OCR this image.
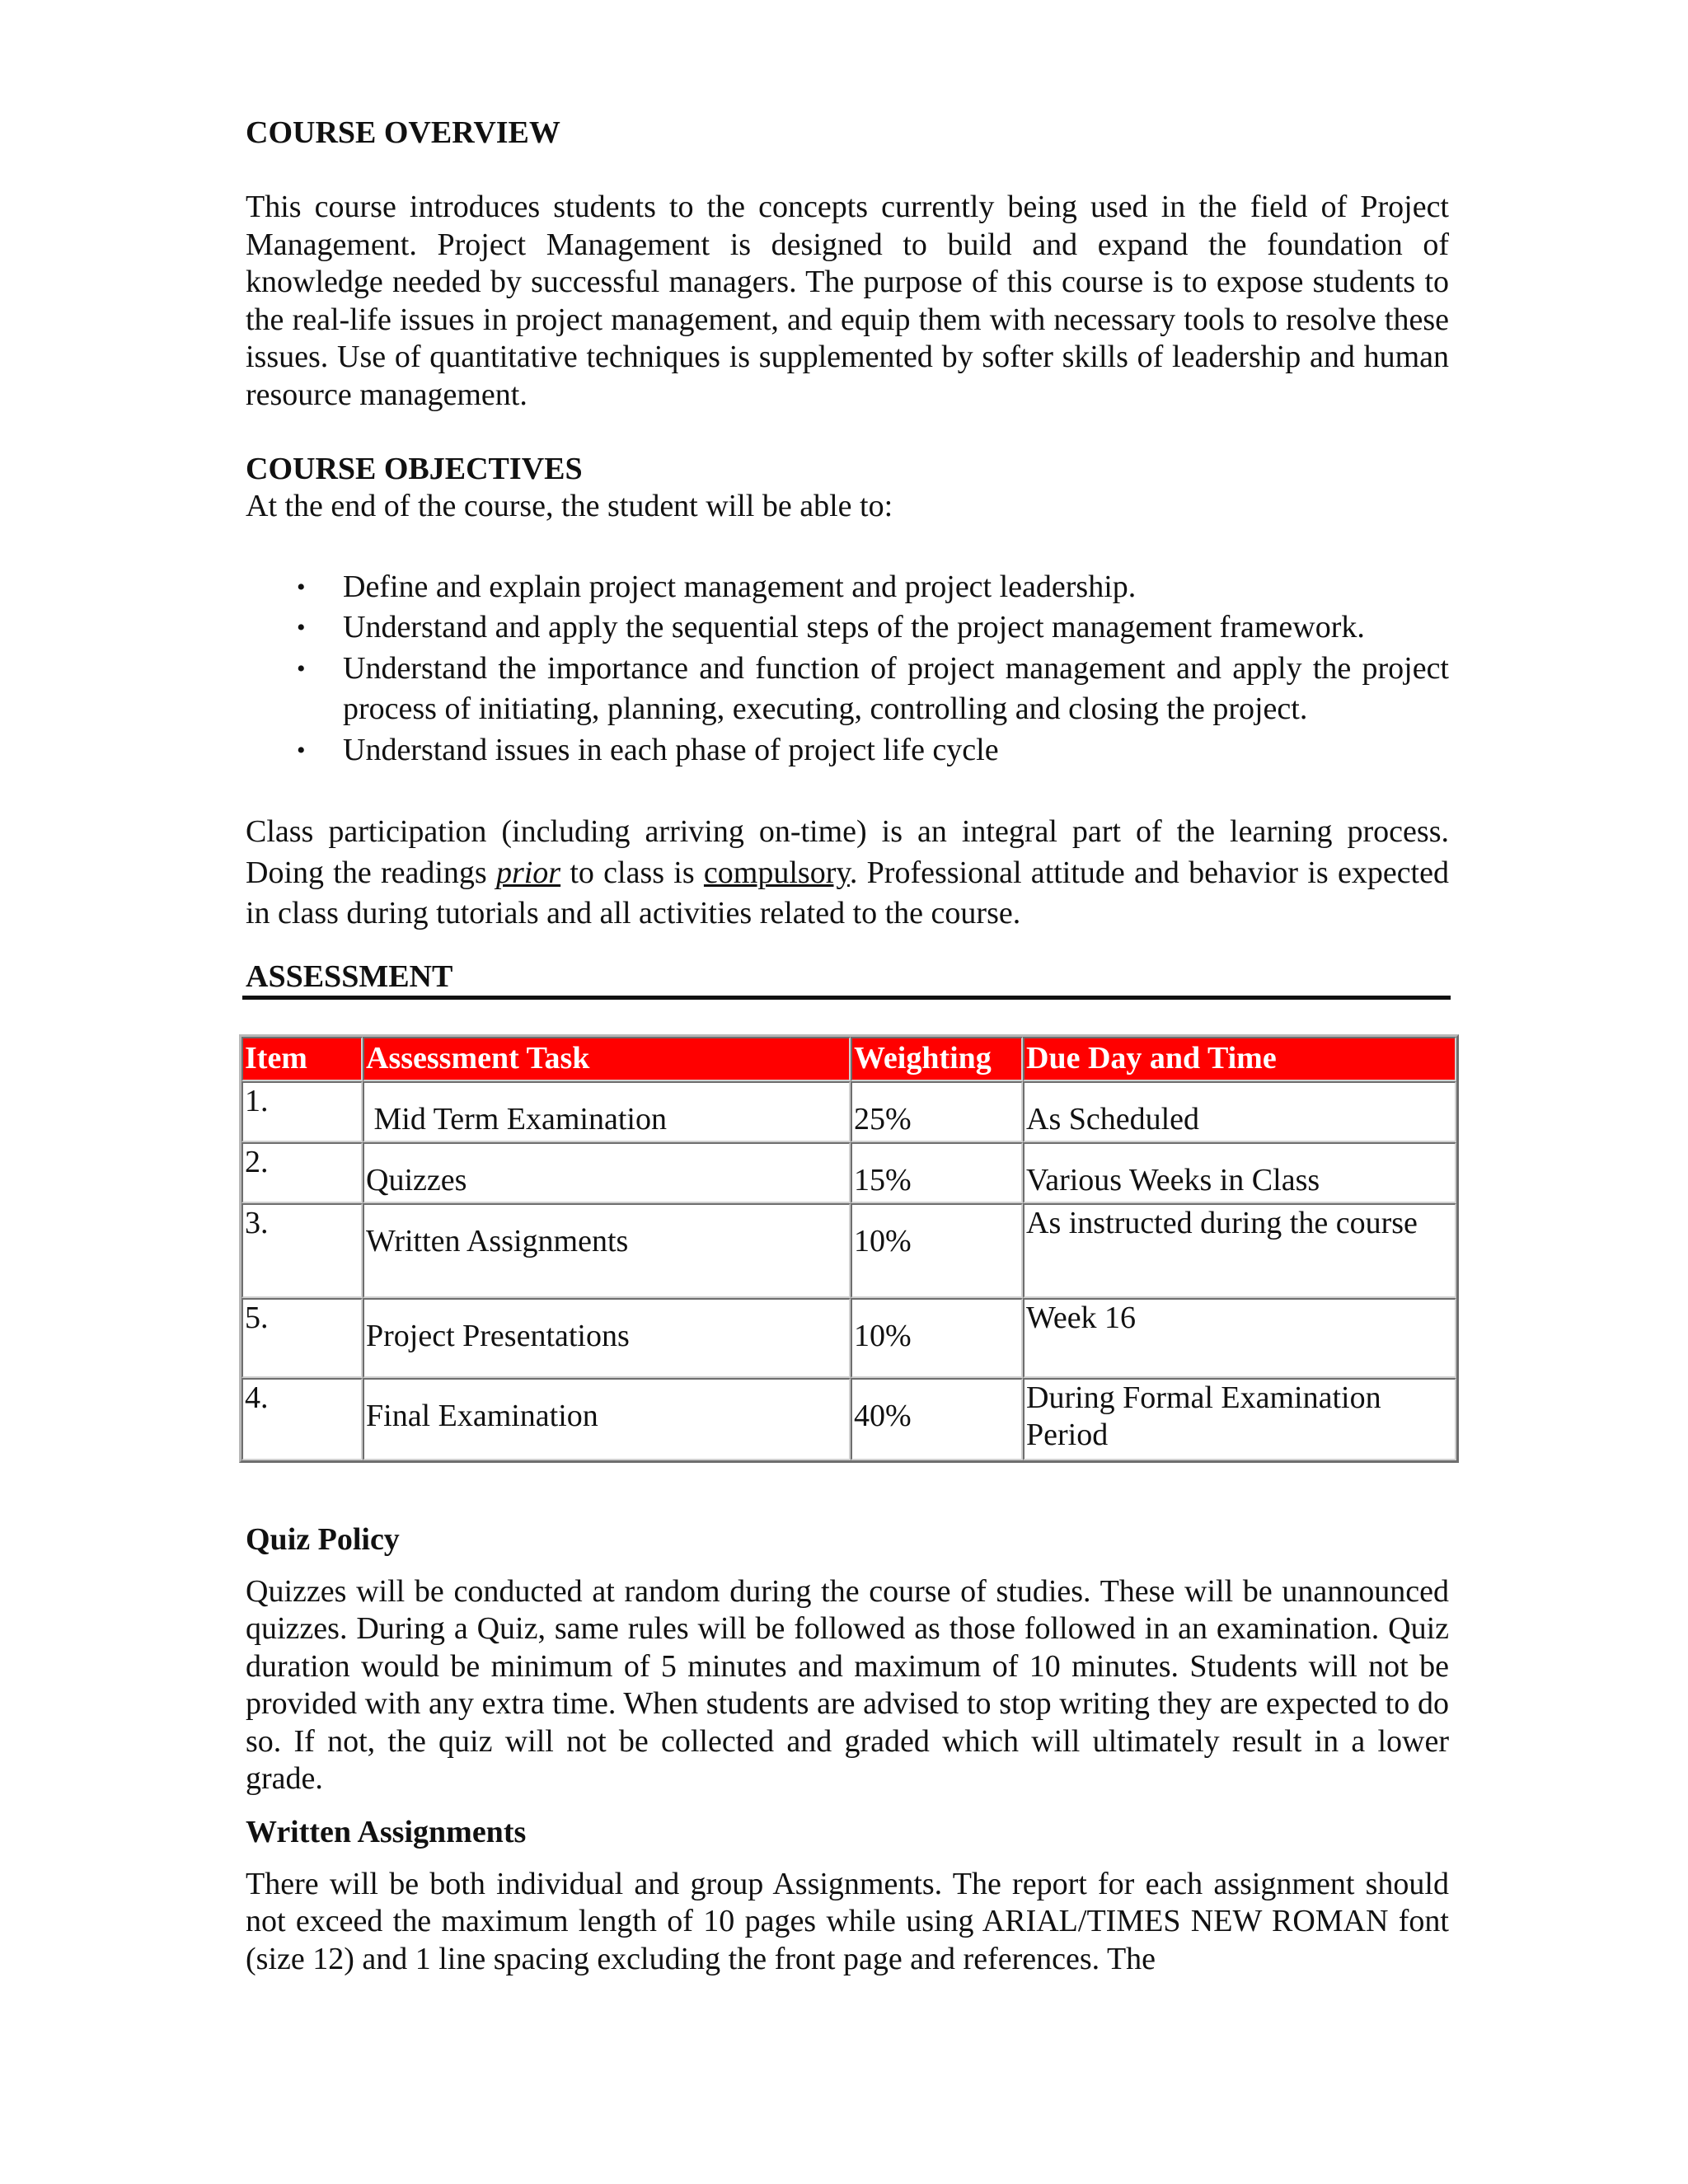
COURSE OVERVIEW

This course introduces students to the concepts currently being used in the field of Project Management. Project Management is designed to build and expand the foundation of knowledge needed by successful managers. The purpose of this course is to expose students to the real-life issues in project management, and equip them with necessary tools to resolve these issues. Use of quantitative techniques is supplemented by softer skills of leadership and human resource management.

COURSE OBJECTIVES

At the end of the course, the student will be able to:

• Define and explain project management and project leadership.
• Understand and apply the sequential steps of the project management framework.
• Understand the importance and function of project management and apply the project process of initiating, planning, executing, controlling and closing the project.
• Understand issues in each phase of project life cycle

Class participation (including arriving on-time) is an integral part of the learning process. Doing the readings prior to class is compulsory. Professional attitude and behavior is expected in class during tutorials and all activities related to the course.

ASSESSMENT
Item	Assessment Task	Weighting	Due Day and Time
1.	Mid Term Examination	25%	As Scheduled

2.	Quizzes	15%	Various Weeks in Class

3.	Written Assignments	10%	As instructed during the course

5.	Project Presentations	10%	Week 16

4.	Final Examination	40%	During Formal Examination Period
Quiz Policy

Quizzes will be conducted at random during the course of studies. These will be unannounced quizzes. During a Quiz, same rules will be followed as those followed in an examination. Quiz duration would be minimum of 5 minutes and maximum of 10 minutes. Students will not be provided with any extra time. When students are advised to stop writing they are expected to do so. If not, the quiz will not be collected and graded which will ultimately result in a lower grade.

Written Assignments

There will be both individual and group Assignments. The report for each assignment should not exceed the maximum length of 10 pages while using ARIAL/TIMES NEW ROMAN font (size 12) and 1 line spacing excluding the front page and references. The
